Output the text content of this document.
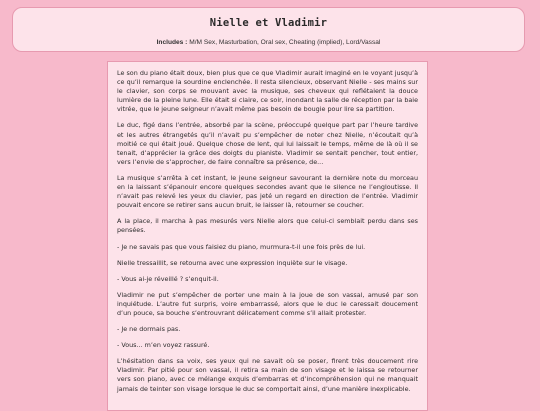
Nielle et Vladimir
Includes : M/M Sex, Masturbation, Oral sex, Cheating (implied), Lord/Vassal

Le son du piano était doux, bien plus que ce que Vladimir aurait imaginé en le voyant jusqu’à ce qu’il remarque la sourdine enclenchée. Il resta silencieux, observant Nielle - ses mains sur le clavier, son corps se mouvant avec la musique, ses cheveux qui reflétaient la douce lumière de la pleine lune. Elle était si claire, ce soir, inondant la salle de réception par la baie vitrée, que le jeune seigneur n’avait même pas besoin de bougie pour lire sa partition.

Le duc, figé dans l’entrée, absorbé par la scène, préoccupé quelque part par l’heure tardive et les autres étrangetés qu’il n’avait pu s’empêcher de noter chez Nielle, n’écoutait qu’à moitié ce qui était joué. Quelque chose de lent, qui lui laissait le temps, même de là où il se tenait, d’apprécier la grâce des doigts du pianiste. Vladimir se sentait pencher, tout entier, vers l’envie de s’approcher, de faire connaître sa présence, de...

La musique s’arrêta à cet instant, le jeune seigneur savourant la dernière note du morceau en la laissant s’épanouir encore quelques secondes avant que le silence ne l’engloutisse. Il n’avait pas relevé les yeux du clavier, pas jeté un regard en direction de l’entrée. Vladimir pouvait encore se retirer sans aucun bruit, le laisser là, retourner se coucher.

A la place, il marcha à pas mesurés vers Nielle alors que celui-ci semblait perdu dans ses pensées.

- Je ne savais pas que vous faisiez du piano, murmura-t-il une fois près de lui.

Nielle tressaillit, se retourna avec une expression inquiète sur le visage.

- Vous ai-je réveillé ? s’enquit-il.

Vladimir ne put s’empêcher de porter une main à la joue de son vassal, amusé par son inquiétude. L’autre fut surpris, voire embarrassé, alors que le duc le caressait doucement d’un pouce, sa bouche s’entrouvrant délicatement comme s’il allait protester.

- Je ne dormais pas.

- Vous... m’en voyez rassuré.

L’hésitation dans sa voix, ses yeux qui ne savait où se poser, firent très doucement rire Vladimir. Par pitié pour son vassal, il retira sa main de son visage et le laissa se retourner vers son piano, avec ce mélange exquis d’embarras et d’incompréhension qui ne manquait jamais de teinter son visage lorsque le duc se comportait ainsi, d’une manière inexplicable.
